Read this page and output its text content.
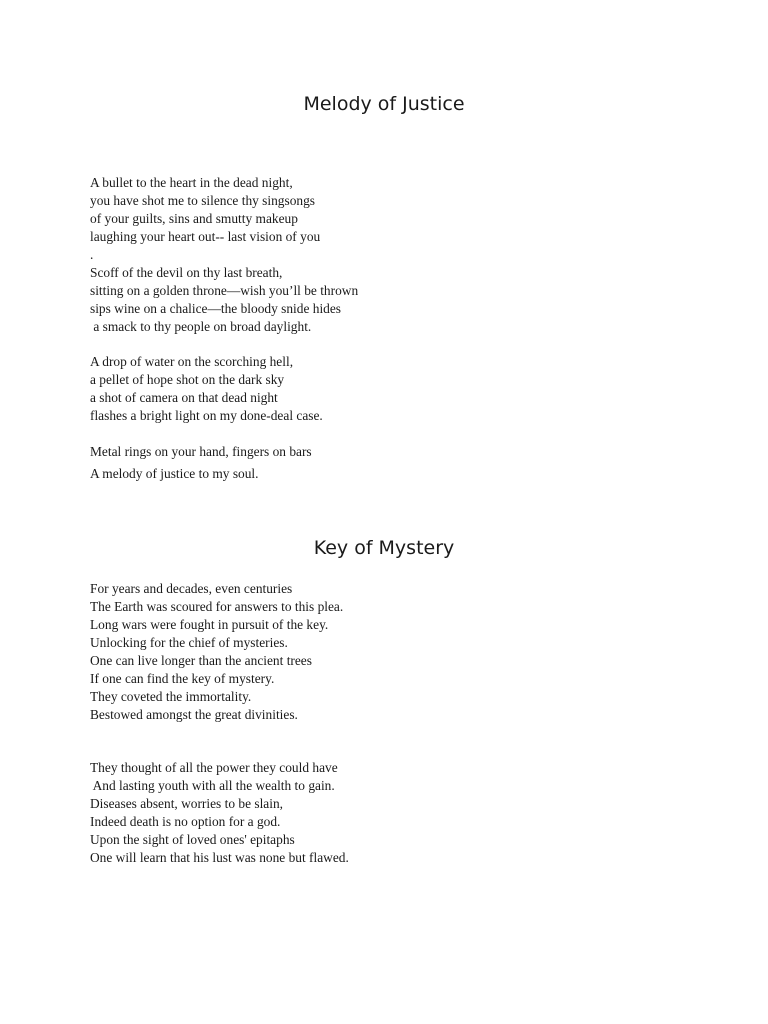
Melody of Justice

A bullet to the heart in the dead night,

you have shot me to silence thy singsongs

of your guilts, sins and smutty makeup

laughing your heart out-- last vision of you

.

Scoff of the devil on thy last breath,

sitting on a golden throne—wish you’ll be thrown

sips wine on a chalice—the bloody snide hides

a smack to thy people on broad daylight.

A drop of water on the scorching hell,

a pellet of hope shot on the dark sky

a shot of camera on that dead night

flashes a bright light on my done-deal case.

Metal rings on your hand, fingers on bars

A melody of justice to my soul.

Key of Mystery

For years and decades, even centuries

The Earth was scoured for answers to this plea.

Long wars were fought in pursuit of the key.

Unlocking for the chief of mysteries.

One can live longer than the ancient trees

If one can find the key of mystery.

They coveted the immortality.

Bestowed amongst the great divinities.

They thought of all the power they could have

And lasting youth with all the wealth to gain.

Diseases absent, worries to be slain,

Indeed death is no option for a god.

Upon the sight of loved ones' epitaphs

One will learn that his lust was none but flawed.
